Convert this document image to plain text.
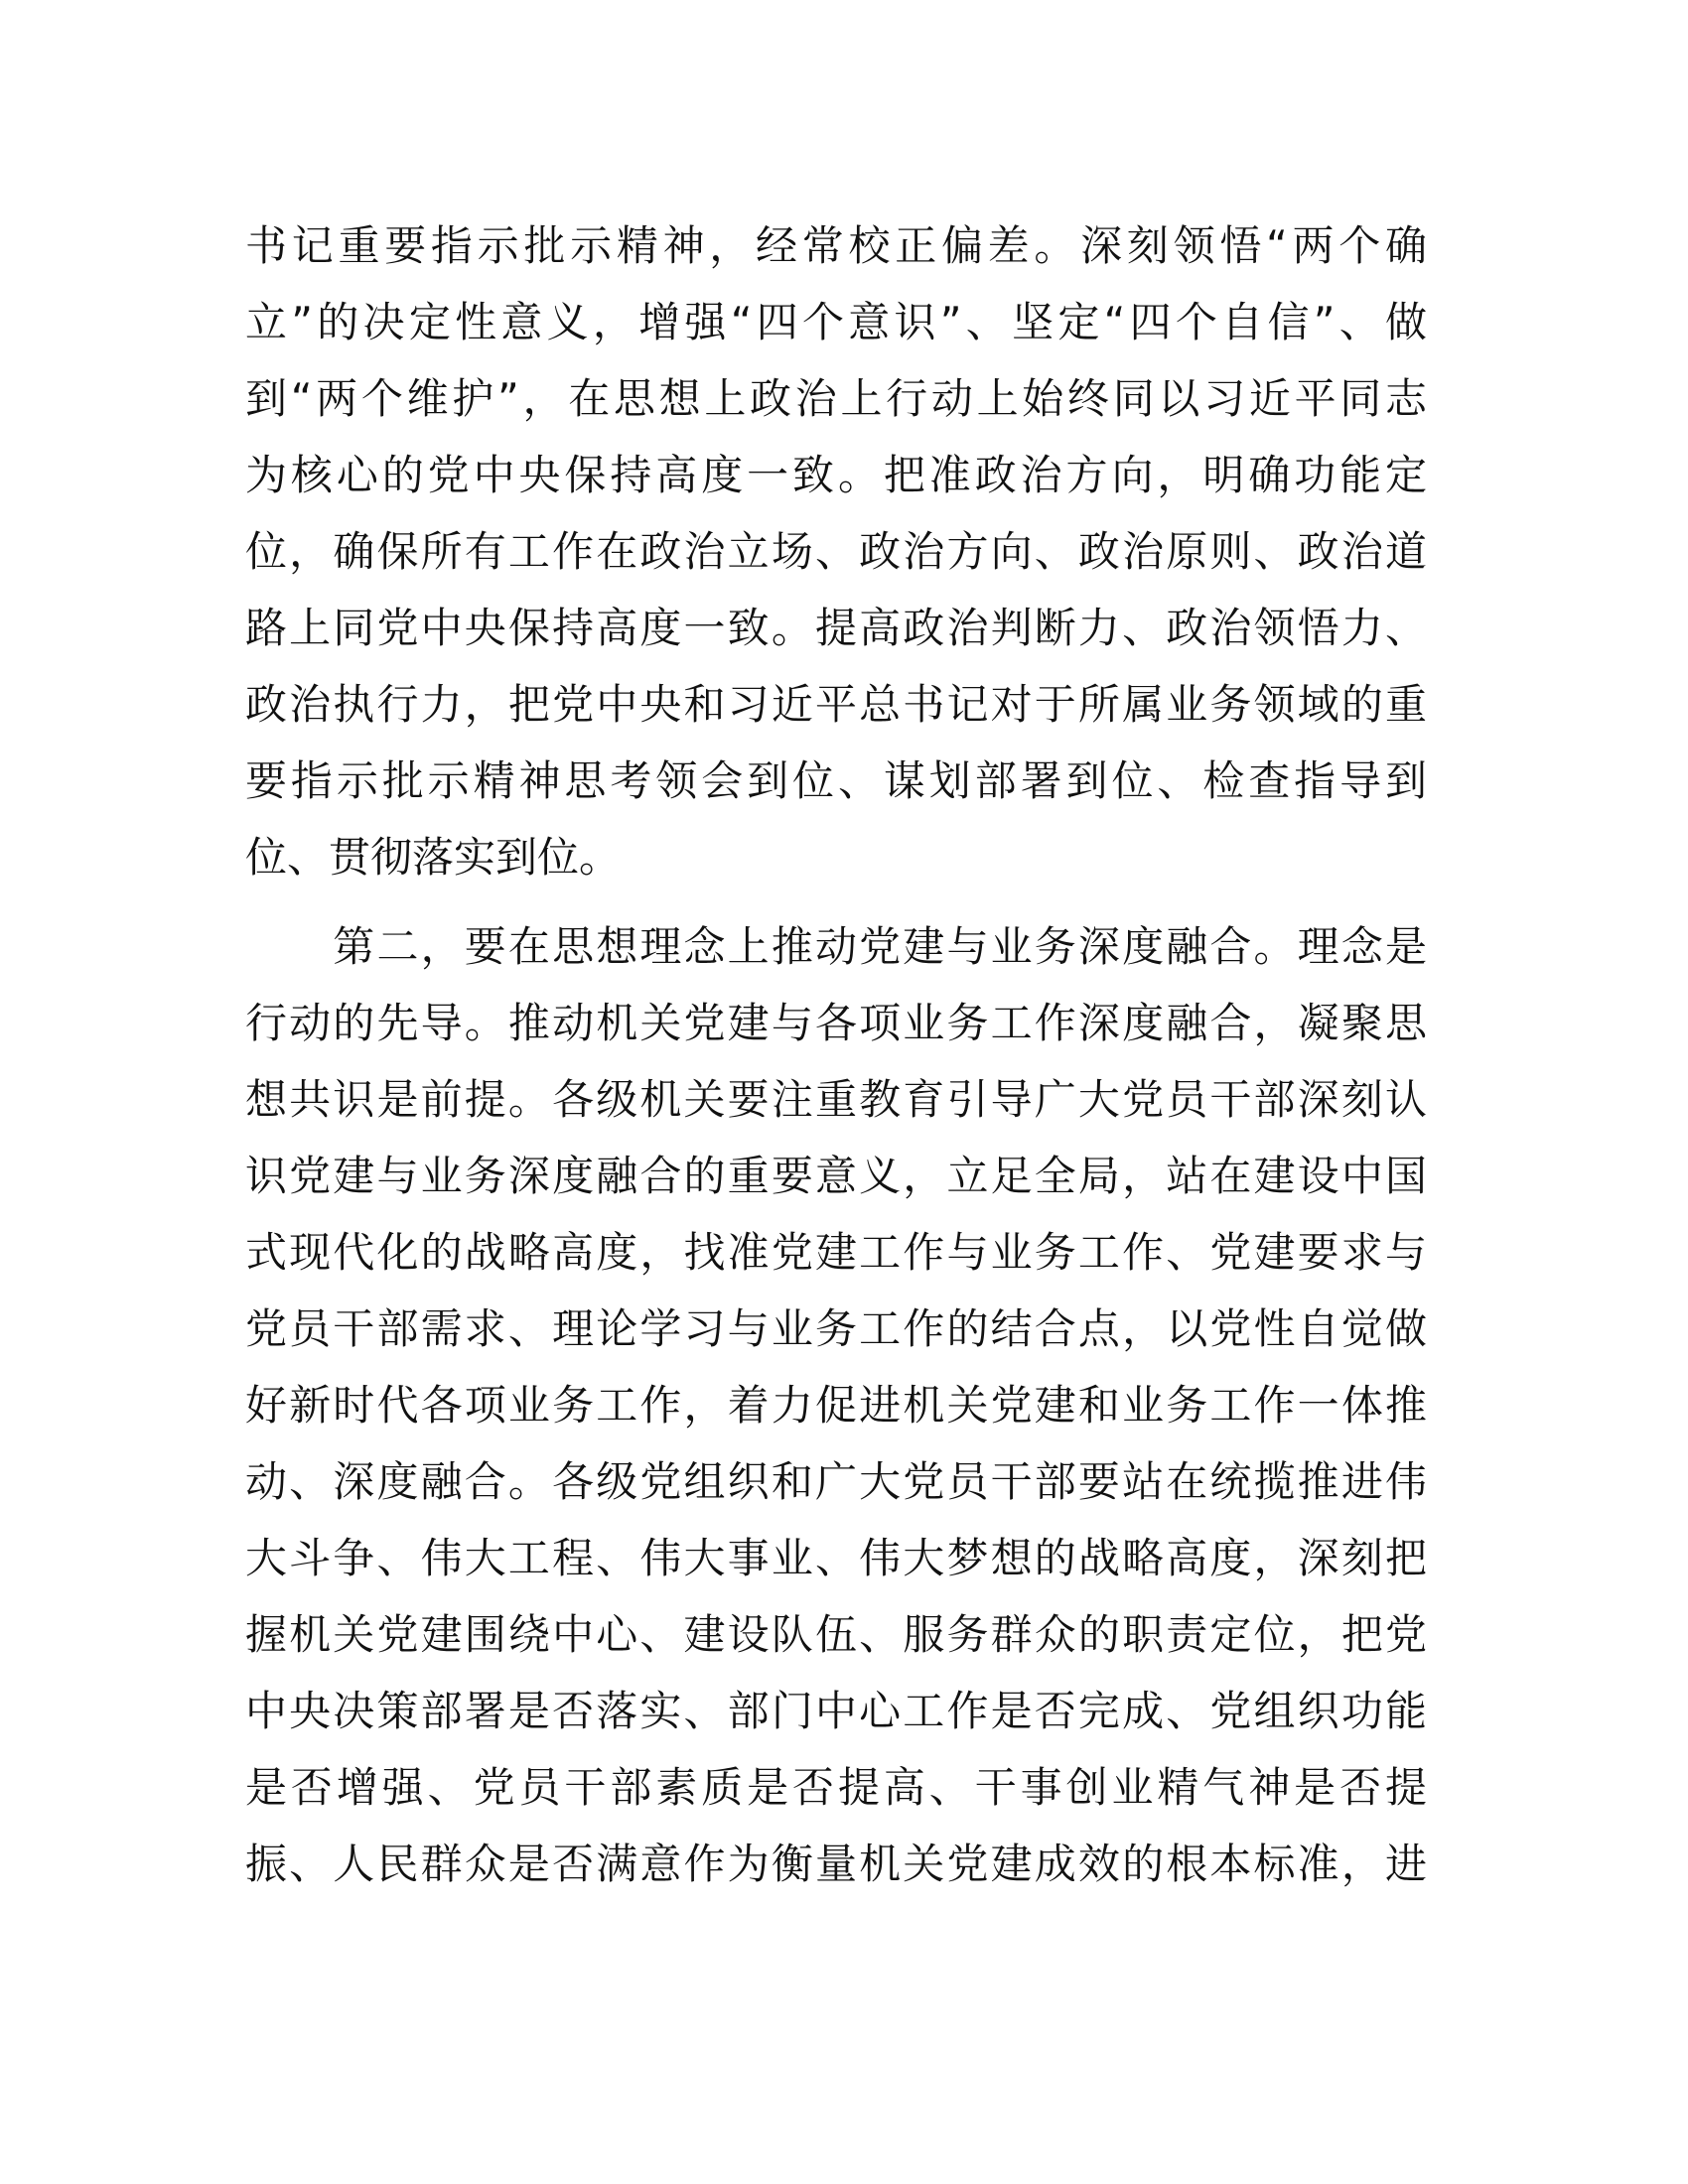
书记重要指示批示精神，经常校正偏差。深刻领悟“两个确
立”的决定性意义，增强“四个意识”、坚定“四个自信”、做
到“两个维护”，在思想上政治上行动上始终同以习近平同志
为核心的党中央保持高度一致。把准政治方向，明确功能定
位，确保所有工作在政治立场、政治方向、政治原则、政治道
路上同党中央保持高度一致。提高政治判断力、政治领悟力、
政治执行力，把党中央和习近平总书记对于所属业务领域的重
要指示批示精神思考领会到位、谋划部署到位、检查指导到
位、贯彻落实到位。
　　第二，要在思想理念上推动党建与业务深度融合。理念是
行动的先导。推动机关党建与各项业务工作深度融合，凝聚思
想共识是前提。各级机关要注重教育引导广大党员干部深刻认
识党建与业务深度融合的重要意义，立足全局，站在建设中国
式现代化的战略高度，找准党建工作与业务工作、党建要求与
党员干部需求、理论学习与业务工作的结合点，以党性自觉做
好新时代各项业务工作，着力促进机关党建和业务工作一体推
动、深度融合。各级党组织和广大党员干部要站在统揽推进伟
大斗争、伟大工程、伟大事业、伟大梦想的战略高度，深刻把
握机关党建围绕中心、建设队伍、服务群众的职责定位，把党
中央决策部署是否落实、部门中心工作是否完成、党组织功能
是否增强、党员干部素质是否提高、干事创业精气神是否提
振、人民群众是否满意作为衡量机关党建成效的根本标准，进
